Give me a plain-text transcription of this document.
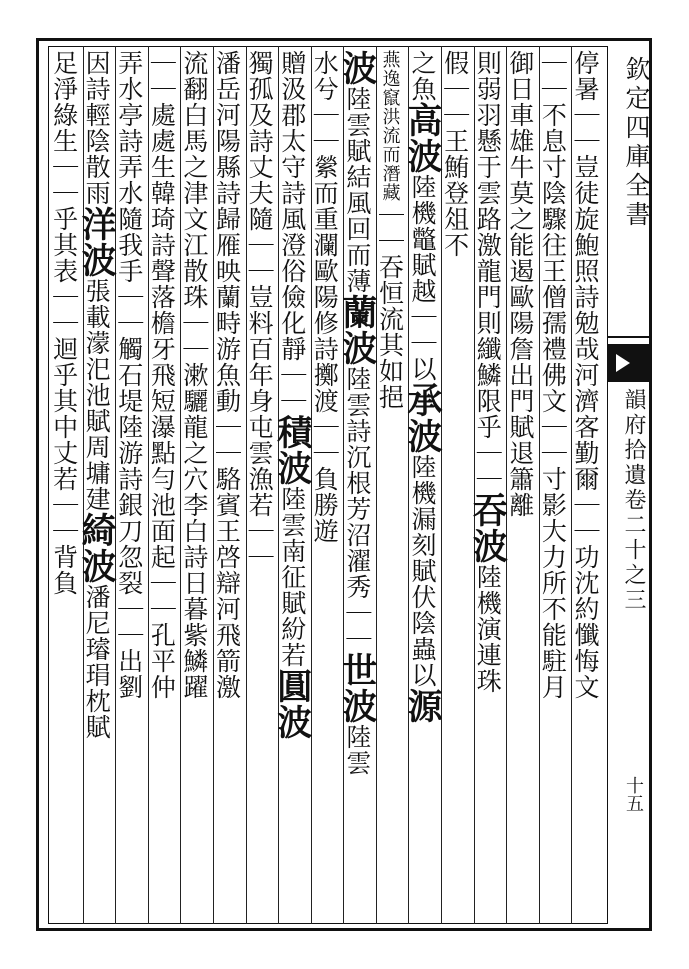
停暑｜｜豈徒旋鮑照詩勉哉河濟客勤爾｜｜功沈約懺悔文
｜｜不息寸陰驟往王僧孺禮佛文｜｜寸影大力所不能駐月
御日車雄牛莫之能遏歐陽詹出門賦退簫離
則弱羽懸于雲路激龍門則纖鱗限乎｜｜吞波陸機演連珠
假｜｜王鮪登俎不
之魚高波陸機鼈賦越｜｜以承波陸機漏刻賦伏陰蟲以源
燕逸竄洪流而潛藏｜｜吞恒流其如挹
波陸雲賦結風回而薄蘭波陸雲詩沉根芳沼濯秀｜｜世波陸雲
水兮｜｜縈而重瀾歐陽修詩擲渡｜｜負勝遊
贈汲郡太守詩風澄俗儉化靜｜｜積波陸雲南征賦紛若圓波
獨孤及詩丈夫隨｜｜豈料百年身屯雲漁若｜｜
潘岳河陽縣詩歸雁映蘭畤游魚動｜｜駱賓王啓辯河飛箭激
流翻白馬之津文江散珠｜｜漱驪龍之穴李白詩日暮紫鱗躍
｜｜處處生韓琦詩聲落檐牙飛短瀑點勻池面起｜｜孔平仲
弄水亭詩弄水隨我手｜｜觸石堤陸游詩銀刀忽裂｜｜出劉
因詩輕陰散雨洋波張載濛汜池賦周墉建綺波潘尼璿琄枕賦
足淨綠生｜｜乎其表｜｜迴乎其中丈若｜｜背負
欽定四庫全書
韻府拾遺卷二十之三
十五
